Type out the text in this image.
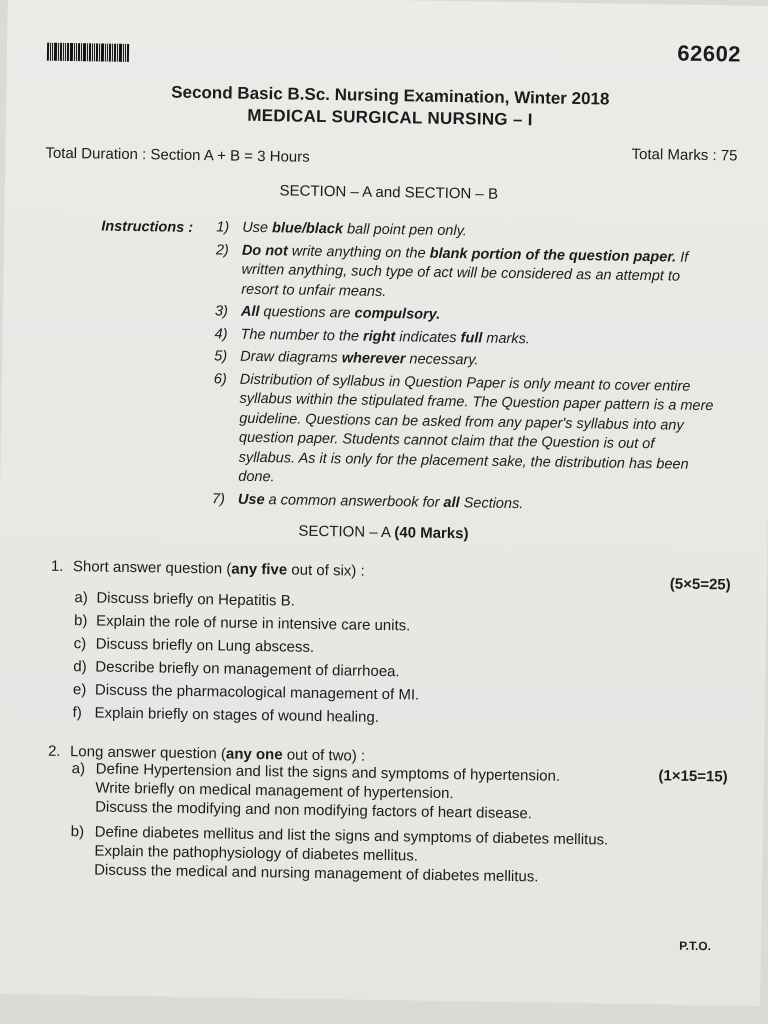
62602
Second Basic B.Sc. Nursing Examination, Winter 2018
MEDICAL SURGICAL NURSING – I
Total Duration : Section A + B = 3 Hours	Total Marks : 75
SECTION – A and SECTION – B
Instructions : 1) Use blue/black ball point pen only.
2) Do not write anything on the blank portion of the question paper. If written anything, such type of act will be considered as an attempt to resort to unfair means.
3) All questions are compulsory.
4) The number to the right indicates full marks.
5) Draw diagrams wherever necessary.
6) Distribution of syllabus in Question Paper is only meant to cover entire syllabus within the stipulated frame. The Question paper pattern is a mere guideline. Questions can be asked from any paper's syllabus into any question paper. Students cannot claim that the Question is out of syllabus. As it is only for the placement sake, the distribution has been done.
7) Use a common answerbook for all Sections.
SECTION – A (40 Marks)
1. Short answer question (any five out of six) :
(5×5=25)
a) Discuss briefly on Hepatitis B.
b) Explain the role of nurse in intensive care units.
c) Discuss briefly on Lung abscess.
d) Describe briefly on management of diarrhoea.
e) Discuss the pharmacological management of MI.
f) Explain briefly on stages of wound healing.
2. Long answer question (any one out of two) :
(1×15=15)
a) Define Hypertension and list the signs and symptoms of hypertension.
Write briefly on medical management of hypertension.
Discuss the modifying and non modifying factors of heart disease.
b) Define diabetes mellitus and list the signs and symptoms of diabetes mellitus.
Explain the pathophysiology of diabetes mellitus.
Discuss the medical and nursing management of diabetes mellitus.
P.T.O.
